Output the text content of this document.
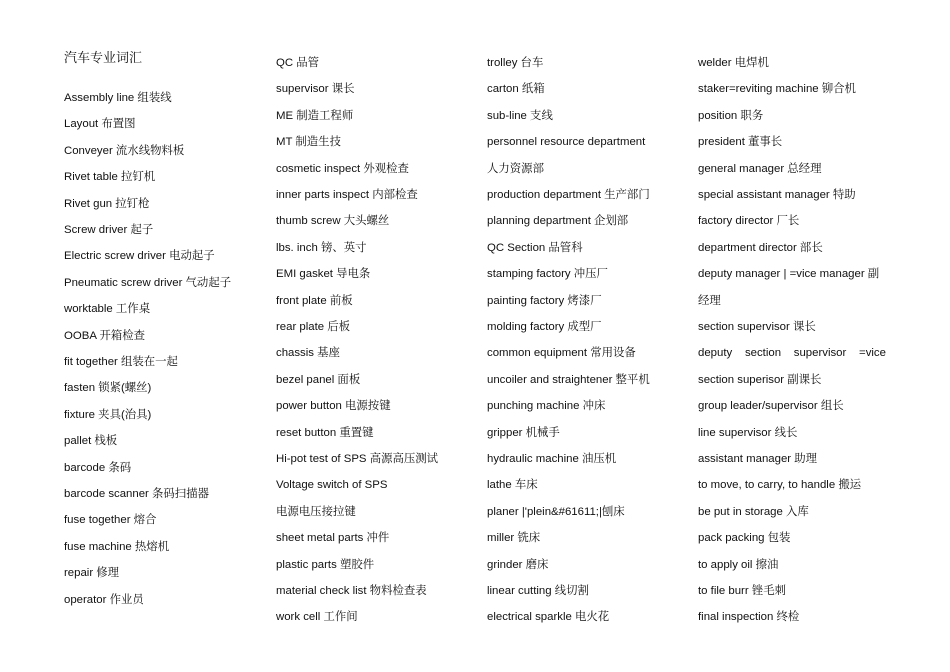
汽车专业词汇
Assembly line 组装线
Layout 布置图
Conveyer 流水线物料板
Rivet table 拉钉机
Rivet gun 拉钉枪
Screw driver 起子
Electric screw driver 电动起子
Pneumatic screw driver 气动起子
worktable 工作桌
OOBA 开箱检查
fit together 组装在一起
fasten 锁紧(螺丝)
fixture 夹具(治具)
pallet 栈板
barcode 条码
barcode scanner 条码扫描器
fuse together 熔合
fuse machine 热熔机
repair 修理
operator 作业员
QC 品管
supervisor 课长
ME 制造工程师
MT 制造生技
cosmetic inspect 外观检查
inner parts inspect 内部检查
thumb screw 大头螺丝
lbs. inch 镑、英寸
EMI gasket 导电条
front plate 前板
rear plate 后板
chassis 基座
bezel panel 面板
power button 电源按键
reset button 重置键
Hi-pot test of SPS 高源高压测试
Voltage switch of SPS
电源电压接拉键
sheet metal parts 冲件
plastic parts 塑胶件
material check list 物料检查表
work cell 工作间
trolley 台车
carton 纸箱
sub-line 支线
personnel resource department
人力资源部
production department 生产部门
planning department 企划部
QC Section 品管科
stamping factory 冲压厂
painting factory 烤漆厂
molding factory 成型厂
common equipment 常用设备
uncoiler and straightener 整平机
punching machine 冲床
gripper 机械手
hydraulic machine 油压机
lathe 车床
planer |'plein&#61611;|刨床
miller 铣床
grinder 磨床
linear cutting 线切割
electrical sparkle 电火花
welder 电焊机
staker=reviting machine 铆合机
position 职务
president 董事长
general manager 总经理
special assistant manager 特助
factory director 厂长
department director 部长
deputy manager | =vice manager 副
经理
section supervisor 课长
deputy section supervisor =vice
section superisor 副课长
group leader/supervisor 组长
line supervisor 线长
assistant manager 助理
to move, to carry, to handle 搬运
be put in storage 入库
pack packing 包装
to apply oil 擦油
to file burr 锉毛刺
final inspection 终检
